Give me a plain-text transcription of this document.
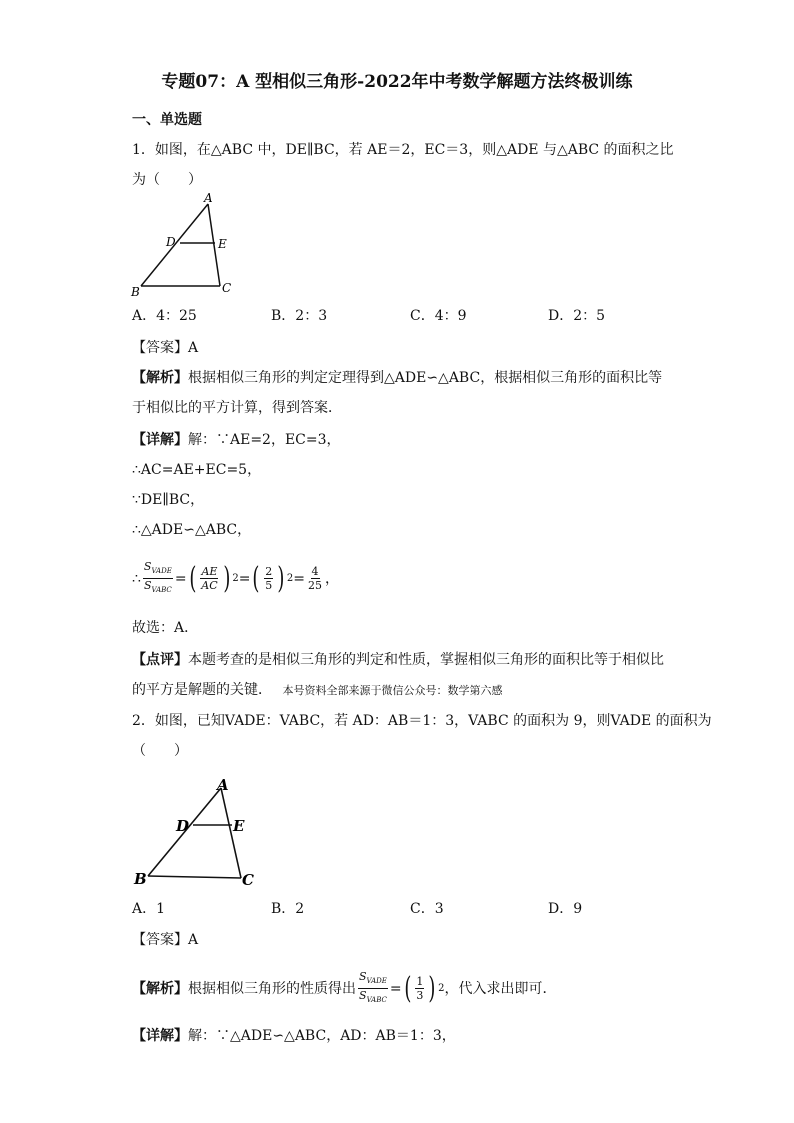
专题07：A 型相似三角形-2022年中考数学解题方法终极训练
一、单选题
1．如图，在△ABC 中，DE∥BC，若 AE＝2，EC＝3，则△ADE 与△ABC 的面积之比
为（　　）
A
D	E
B	C
A．4：25	B．2：3	C．4：9	D．2：5
【答案】A
【解析】根据相似三角形的判定定理得到△ADE∽△ABC，根据相似三角形的面积比等
于相似比的平方计算，得到答案．
【详解】解：∵AE=2，EC=3，
∴AC=AE+EC=5，
∵DE∥BC，
∴△ADE∽△ABC，
∴ $\frac{S_{VADE}}{S_{VABC}}$ = ( $\frac{AE}{AC}$ ) 2 = ( $\frac{2}{5}$ ) $2 = \frac{4}{25}$ ，
故选：A．
【点评】本题考查的是相似三角形的判定和性质，掌握相似三角形的面积比等于相似比
的平方是解题的关键． 本号资料全部来源于微信公众号：数学第六感
2．如图，已知VADE：VABC，若 AD：AB＝1：3，VABC 的面积为 9，则VADE 的面积为
（　　）
A
D	E
B	C
A．1	B．2	C．3	D．9
【答案】A
【解析】 根据相似三角形的性质得出 $\frac{S_{VADE}}{S_{VABC}}$ = ( $\frac{1}{3}$ ) 2 ，代入求出即可．
【详解】解：∵△ADE∽△ABC，AD：AB＝1：3，
